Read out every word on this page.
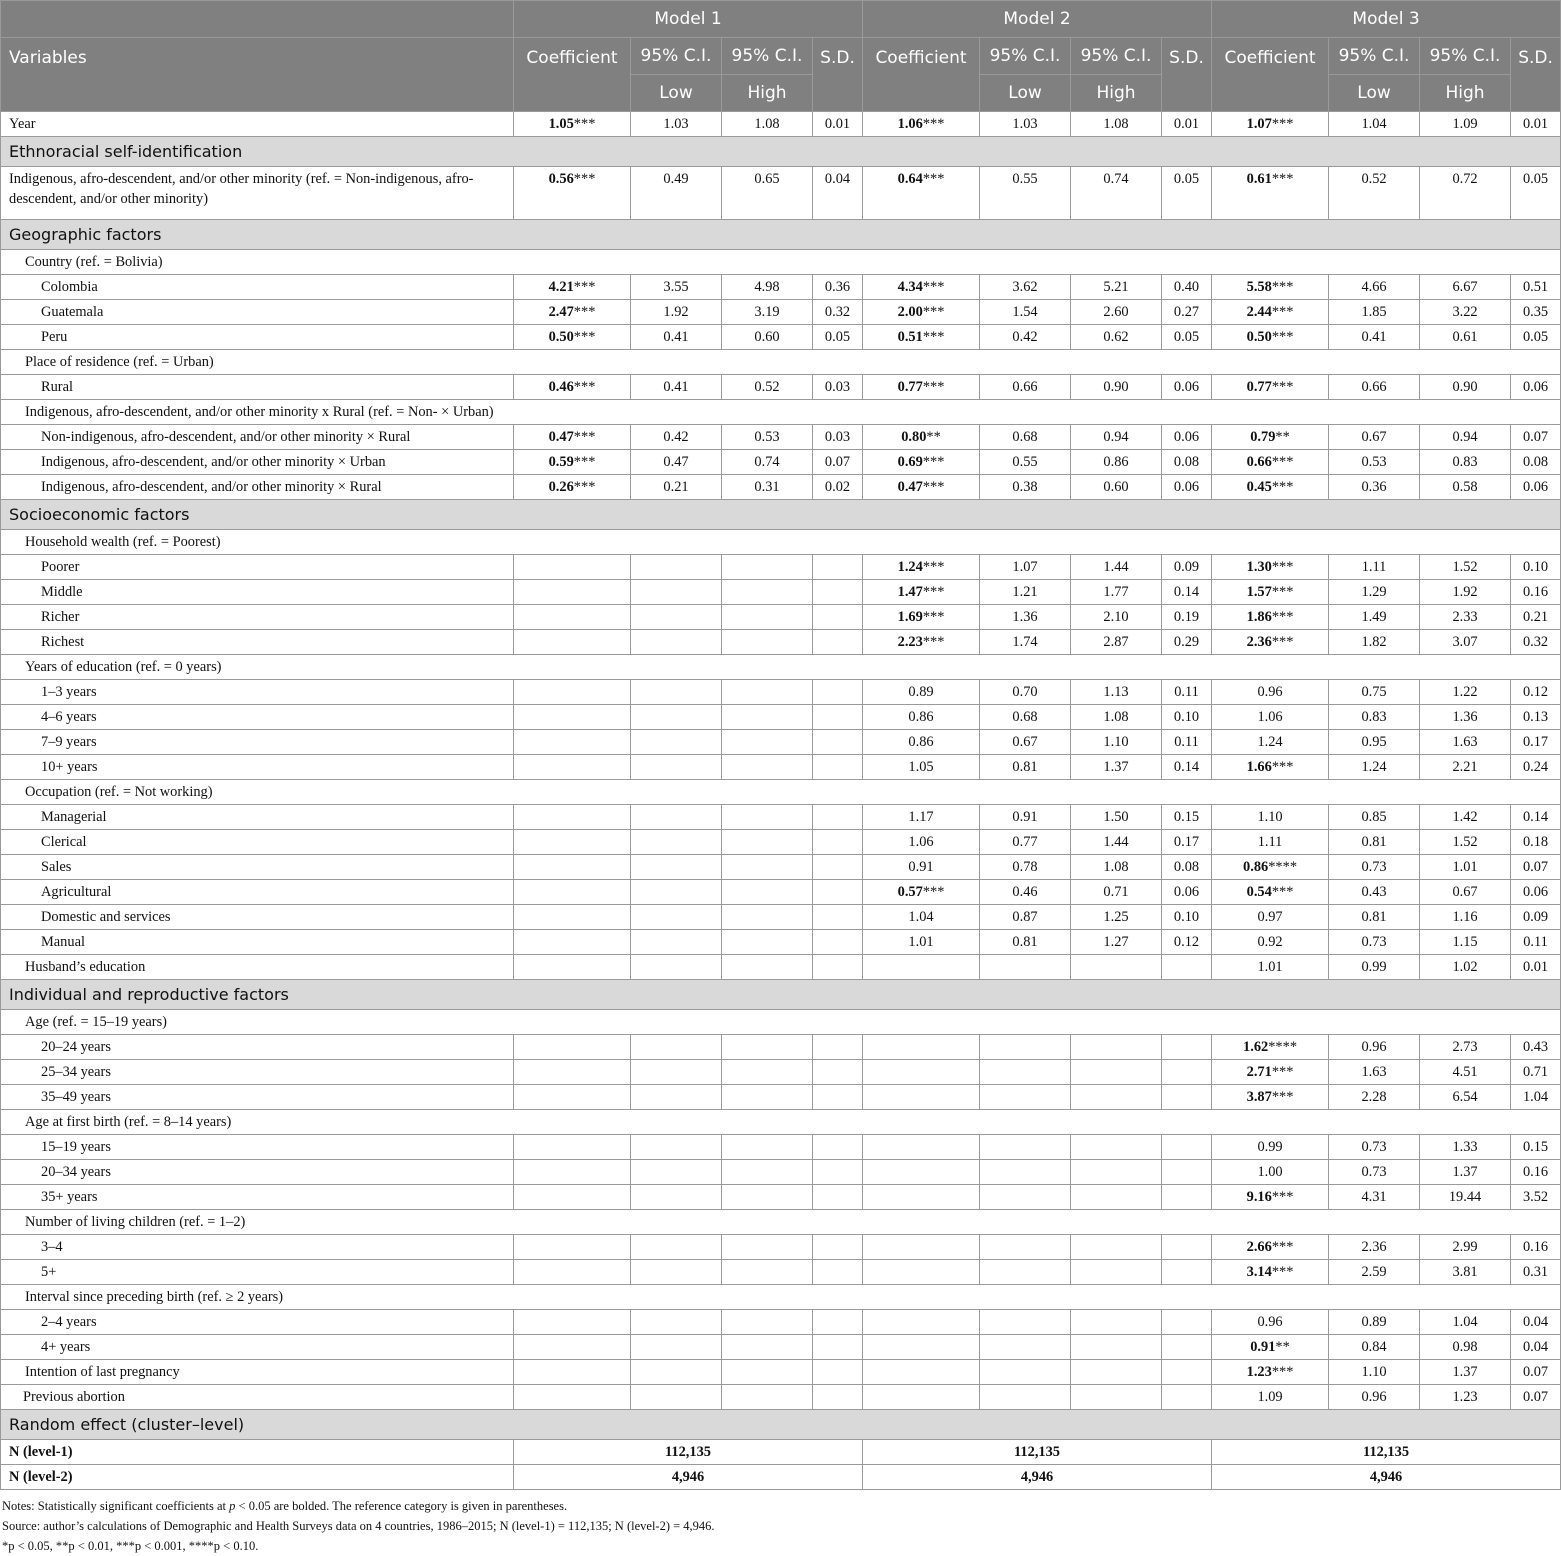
	Model 1				Model 2				Model 3			
Variables	Coefficient	95% C.I.	95% C.I.	S.D.	Coefficient	95% C.I.	95% C.I.	S.D.	Coefficient	95% C.I.	95% C.I.	S.D.
		Low	High			Low	High			Low	High	
Year	1.05***	1.03	1.08	0.01	1.06***	1.03	1.08	0.01	1.07***	1.04	1.09	0.01
Ethnoracial self-identification												
Indigenous, afro-descendent, and/or other minority (ref. = Non-indigenous, afro-descendent, and/or other minority)	0.56***	0.49	0.65	0.04	0.64***	0.55	0.74	0.05	0.61***	0.52	0.72	0.05
Geographic factors												
Country (ref. = Bolivia)												
Colombia	4.21***	3.55	4.98	0.36	4.34***	3.62	5.21	0.40	5.58***	4.66	6.67	0.51
Guatemala	2.47***	1.92	3.19	0.32	2.00***	1.54	2.60	0.27	2.44***	1.85	3.22	0.35
Peru	0.50***	0.41	0.60	0.05	0.51***	0.42	0.62	0.05	0.50***	0.41	0.61	0.05
Place of residence (ref. = Urban)												
Rural	0.46***	0.41	0.52	0.03	0.77***	0.66	0.90	0.06	0.77***	0.66	0.90	0.06
Indigenous, afro-descendent, and/or other minority x Rural (ref. = Non- × Urban)												
Non-indigenous, afro-descendent, and/or other minority × Rural	0.47***	0.42	0.53	0.03	0.80**	0.68	0.94	0.06	0.79**	0.67	0.94	0.07
Indigenous, afro-descendent, and/or other minority × Urban	0.59***	0.47	0.74	0.07	0.69***	0.55	0.86	0.08	0.66***	0.53	0.83	0.08
Indigenous, afro-descendent, and/or other minority × Rural	0.26***	0.21	0.31	0.02	0.47***	0.38	0.60	0.06	0.45***	0.36	0.58	0.06
Socioeconomic factors												
Household wealth (ref. = Poorest)												
Poorer					1.24***	1.07	1.44	0.09	1.30***	1.11	1.52	0.10
Middle					1.47***	1.21	1.77	0.14	1.57***	1.29	1.92	0.16
Richer					1.69***	1.36	2.10	0.19	1.86***	1.49	2.33	0.21
Richest					2.23***	1.74	2.87	0.29	2.36***	1.82	3.07	0.32
Years of education (ref. = 0 years)												
1–3 years					0.89	0.70	1.13	0.11	0.96	0.75	1.22	0.12
4–6 years					0.86	0.68	1.08	0.10	1.06	0.83	1.36	0.13
7–9 years					0.86	0.67	1.10	0.11	1.24	0.95	1.63	0.17
10+ years					1.05	0.81	1.37	0.14	1.66***	1.24	2.21	0.24
Occupation (ref. = Not working)												
Managerial					1.17	0.91	1.50	0.15	1.10	0.85	1.42	0.14
Clerical					1.06	0.77	1.44	0.17	1.11	0.81	1.52	0.18
Sales					0.91	0.78	1.08	0.08	0.86****	0.73	1.01	0.07
Agricultural					0.57***	0.46	0.71	0.06	0.54***	0.43	0.67	0.06
Domestic and services					1.04	0.87	1.25	0.10	0.97	0.81	1.16	0.09
Manual					1.01	0.81	1.27	0.12	0.92	0.73	1.15	0.11
Husband’s education									1.01	0.99	1.02	0.01
Individual and reproductive factors												
Age (ref. = 15–19 years)												
20–24 years									1.62****	0.96	2.73	0.43
25–34 years									2.71***	1.63	4.51	0.71
35–49 years									3.87***	2.28	6.54	1.04
Age at first birth (ref. = 8–14 years)												
15–19 years									0.99	0.73	1.33	0.15
20–34 years									1.00	0.73	1.37	0.16
35+ years									9.16***	4.31	19.44	3.52
Number of living children (ref. = 1–2)												
3–4									2.66***	2.36	2.99	0.16
5+									3.14***	2.59	3.81	0.31
Interval since preceding birth (ref. ≥ 2 years)												
2–4 years									0.96	0.89	1.04	0.04
4+ years									0.91**	0.84	0.98	0.04
Intention of last pregnancy									1.23***	1.10	1.37	0.07
Previous abortion									1.09	0.96	1.23	0.07
Random effect (cluster–level)												
N (level-1)	112,135				112,135				112,135			
N (level-2)	4,946				4,946				4,946			
Notes: Statistically significant coefficients at p < 0.05 are bolded. The reference category is given in parentheses.
Source: author’s calculations of Demographic and Health Surveys data on 4 countries, 1986–2015; N (level-1) = 112,135; N (level-2) = 4,946.
*p < 0.05, **p < 0.01, ***p < 0.001, ****p < 0.10.
